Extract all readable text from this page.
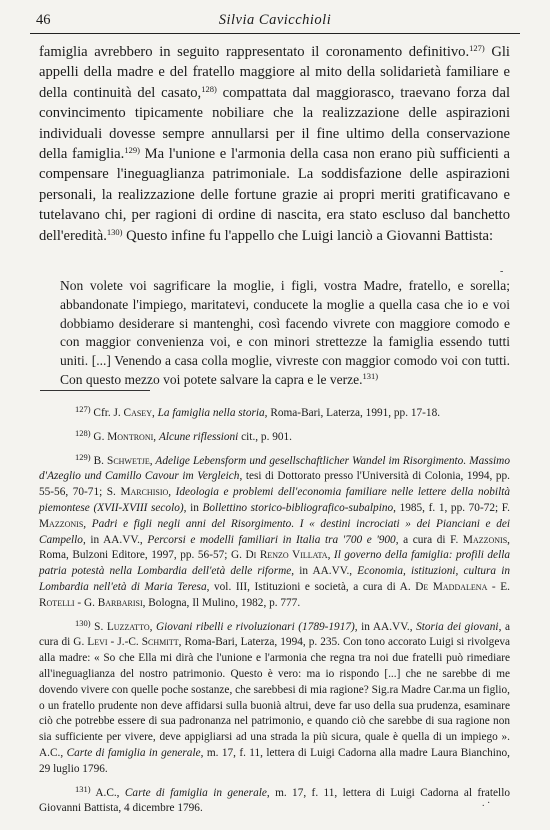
46	Silvia Cavicchioli

famiglia avrebbero in seguito rappresentato il coronamento definitivo.$^{127)}$ Gli appelli della madre e del fratello maggiore al mito della solidarietà familiare e della continuità del casato,$^{128)}$ compattata dal maggiorasco, traevano forza dal convincimento tipicamente nobiliare che la realizzazione delle aspirazioni individuali dovesse sempre annullarsi per il fine ultimo della conservazione della famiglia.$^{129)}$ Ma l'unione e l'armonia della casa non erano più sufficienti a compensare l'ineguaglianza patrimoniale. La soddisfazione delle aspirazioni personali, la realizzazione delle fortune grazie ai propri meriti gratificavano e tutelavano chi, per ragioni di ordine di nascita, era stato escluso dal banchetto dell'eredità.$^{130)}$ Questo infine fu l'appello che Luigi lanciò a Giovanni Battista:

-

Non volete voi sagrificare la moglie, i figli, vostra Madre, fratello, e sorella; abbandonate l'impiego, maritatevi, conducete la moglie a quella casa che io e voi dobbiamo desiderare si mantenghi, così facendo vivrete con maggiore comodo e con maggior convenienza voi, e con minori strettezze la famiglia essendo tutti uniti. [...] Venendo a casa colla moglie, vivreste con maggior comodo voi con tutti. Con questo mezzo voi potete salvare la capra e le verze.$^{131)}$

$^{127)}$ Cfr. J. Casey, La famiglia nella storia, Roma-Bari, Laterza, 1991, pp. 17-18.

$^{128)}$ G. Montroni, Alcune riflessioni cit., p. 901.

$^{129)}$ B. Schwetje, Adelige Lebensform und gesellschaftlicher Wandel im Risorgimento. Massimo d'Azeglio und Camillo Cavour im Vergleich, tesi di Dottorato presso l'Università di Colonia, 1994, pp. 55-56, 70-71; S. Marchisio, Ideologia e problemi dell'economia familiare nelle lettere della nobiltà piemontese (XVII-XVIII secolo), in Bollettino storico-bibliografico-subalpino, 1985, f. 1, pp. 70-72; F. Mazzonis, Padri e figli negli anni del Risorgimento. I « destini incrociati » dei Pianciani e dei Campello, in AA.VV., Percorsi e modelli familiari in Italia tra '700 e '900, a cura di F. Mazzonis, Roma, Bulzoni Editore, 1997, pp. 56-57; G. Di Renzo Villata, Il governo della famiglia: profili della patria potestà nella Lombardia dell'età delle riforme, in AA.VV., Economia, istituzioni, cultura in Lombardia nell'età di Maria Teresa, vol. III, Istituzioni e società, a cura di A. De Maddalena - E. Rotelli - G. Barbarisi, Bologna, Il Mulino, 1982, p. 777.

$^{130)}$ S. Luzzatto, Giovani ribelli e rivoluzionari (1789-1917), in AA.VV., Storia dei giovani, a cura di G. Levi - J.-C. Schmitt, Roma-Bari, Laterza, 1994, p. 235. Con tono accorato Luigi si rivolgeva alla madre: « So che Ella mi dirà che l'unione e l'armonia che regna tra noi due fratelli può rimediare all'ineguaglianza del nostro patrimonio. Questo è vero: ma io rispondo [...] che ne sarebbe di me dovendo vivere con quelle poche sostanze, che sarebbesi di mia ragione? Sig.ra Madre Car.ma un figlio, o un fratello prudente non deve affidarsi sulla buonià altrui, deve far uso della sua prudenza, esaminare ciò che potrebbe essere di sua padronanza nel patrimonio, e quando ciò che sarebbe di sua ragione non sia sufficiente per vivere, deve appigliarsi ad una strada la più sicura, quale è quella di un impiego ». A.C., Carte di famiglia in generale, m. 17, f. 11, lettera di Luigi Cadorna alla madre Laura Bianchino, 29 luglio 1796.

$^{131)}$ A.C., Carte di famiglia in generale, m. 17, f. 11, lettera di Luigi Cadorna al fratello Giovanni Battista, 4 dicembre 1796.	. ·
